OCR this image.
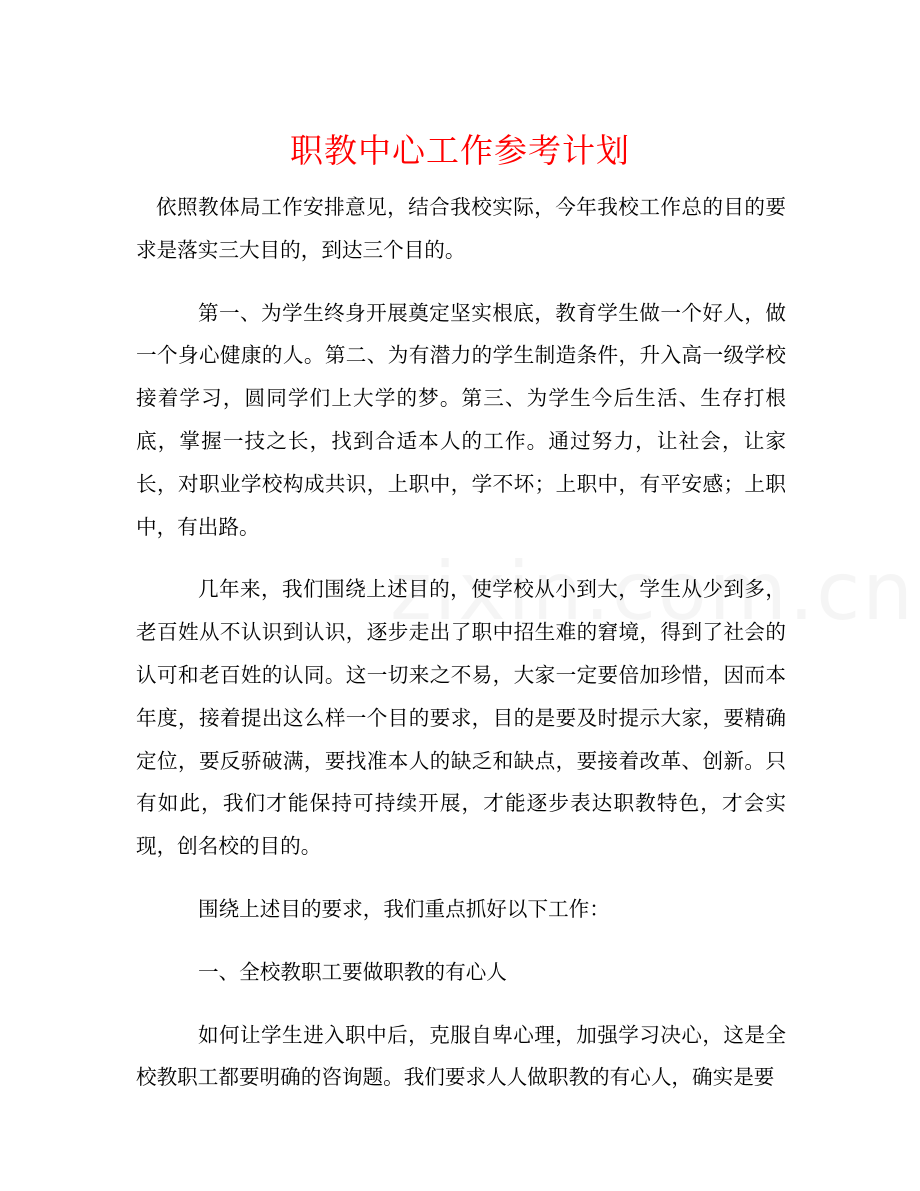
职教中心工作参考计划

依照教体局工作安排意见，结合我校实际，今年我校工作总的目的要求是落实三大目的，到达三个目的。

第一、为学生终身开展奠定坚实根底，教育学生做一个好人，做一个身心健康的人。第二、为有潜力的学生制造条件，升入高一级学校接着学习，圆同学们上大学的梦。第三、为学生今后生活、生存打根底，掌握一技之长，找到合适本人的工作。通过努力，让社会，让家长，对职业学校构成共识，上职中，学不坏；上职中，有平安感；上职中，有出路。

几年来，我们围绕上述目的，使学校从小到大，学生从少到多，老百姓从不认识到认识，逐步走出了职中招生难的窘境，得到了社会的认可和老百姓的认同。这一切来之不易，大家一定要倍加珍惜，因而本年度，接着提出这么样一个目的要求，目的是要及时提示大家，要精确定位，要反骄破满，要找准本人的缺乏和缺点，要接着改革、创新。只有如此，我们才能保持可持续开展，才能逐步表达职教特色，才会实现，创名校的目的。

围绕上述目的要求，我们重点抓好以下工作：

一、全校教职工要做职教的有心人

如何让学生进入职中后，克服自卑心理，加强学习决心，这是全校教职工都要明确的咨询题。我们要求人人做职教的有心人，确实是要
